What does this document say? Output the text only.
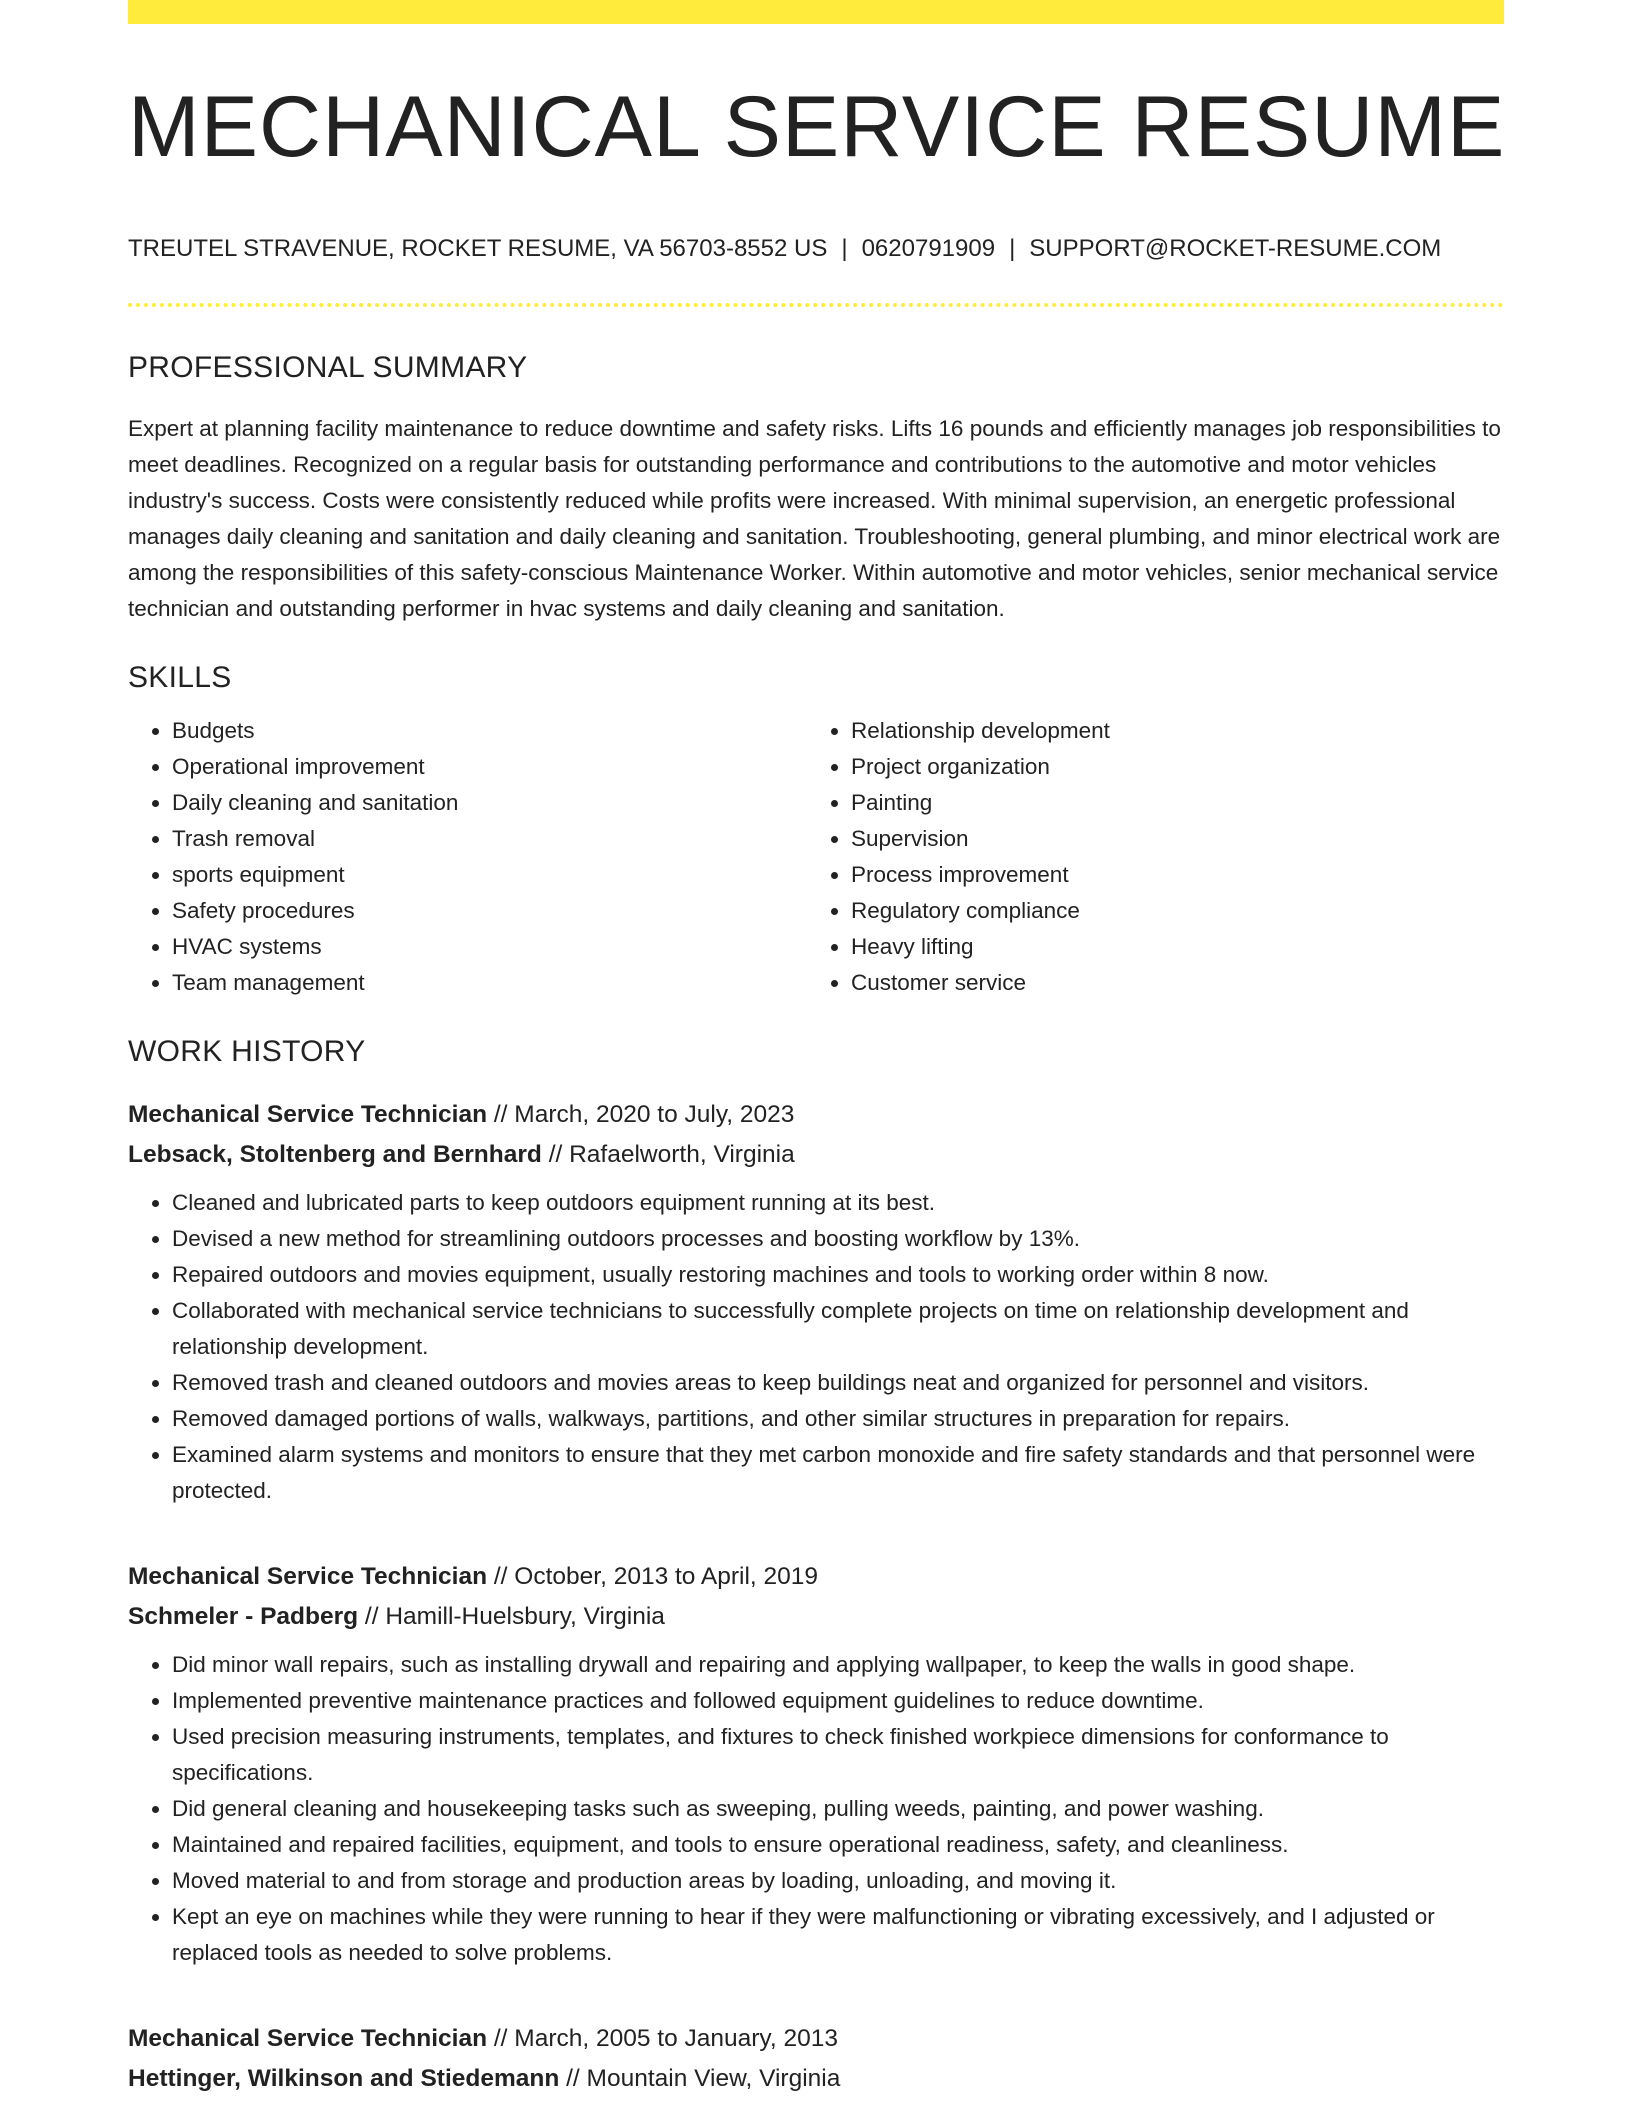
MECHANICAL SERVICE RESUME
TREUTEL STRAVENUE, ROCKET RESUME, VA 56703-8552 US | 0620791909 | SUPPORT@ROCKET-RESUME.COM
PROFESSIONAL SUMMARY
Expert at planning facility maintenance to reduce downtime and safety risks. Lifts 16 pounds and efficiently manages job responsibilities to meet deadlines. Recognized on a regular basis for outstanding performance and contributions to the automotive and motor vehicles industry's success. Costs were consistently reduced while profits were increased. With minimal supervision, an energetic professional manages daily cleaning and sanitation and daily cleaning and sanitation. Troubleshooting, general plumbing, and minor electrical work are among the responsibilities of this safety-conscious Maintenance Worker. Within automotive and motor vehicles, senior mechanical service technician and outstanding performer in hvac systems and daily cleaning and sanitation.
SKILLS
• Budgets
• Operational improvement
• Daily cleaning and sanitation
• Trash removal
• sports equipment
• Safety procedures
• HVAC systems
• Team management
• Relationship development
• Project organization
• Painting
• Supervision
• Process improvement
• Regulatory compliance
• Heavy lifting
• Customer service
WORK HISTORY
Mechanical Service Technician // March, 2020 to July, 2023
Lebsack, Stoltenberg and Bernhard // Rafaelworth, Virginia
• Cleaned and lubricated parts to keep outdoors equipment running at its best.
• Devised a new method for streamlining outdoors processes and boosting workflow by 13%.
• Repaired outdoors and movies equipment, usually restoring machines and tools to working order within 8 now.
• Collaborated with mechanical service technicians to successfully complete projects on time on relationship development and relationship development.
• Removed trash and cleaned outdoors and movies areas to keep buildings neat and organized for personnel and visitors.
• Removed damaged portions of walls, walkways, partitions, and other similar structures in preparation for repairs.
• Examined alarm systems and monitors to ensure that they met carbon monoxide and fire safety standards and that personnel were protected.
Mechanical Service Technician // October, 2013 to April, 2019
Schmeler - Padberg // Hamill-Huelsbury, Virginia
• Did minor wall repairs, such as installing drywall and repairing and applying wallpaper, to keep the walls in good shape.
• Implemented preventive maintenance practices and followed equipment guidelines to reduce downtime.
• Used precision measuring instruments, templates, and fixtures to check finished workpiece dimensions for conformance to specifications.
• Did general cleaning and housekeeping tasks such as sweeping, pulling weeds, painting, and power washing.
• Maintained and repaired facilities, equipment, and tools to ensure operational readiness, safety, and cleanliness.
• Moved material to and from storage and production areas by loading, unloading, and moving it.
• Kept an eye on machines while they were running to hear if they were malfunctioning or vibrating excessively, and I adjusted or replaced tools as needed to solve problems.
Mechanical Service Technician // March, 2005 to January, 2013
Hettinger, Wilkinson and Stiedemann // Mountain View, Virginia
